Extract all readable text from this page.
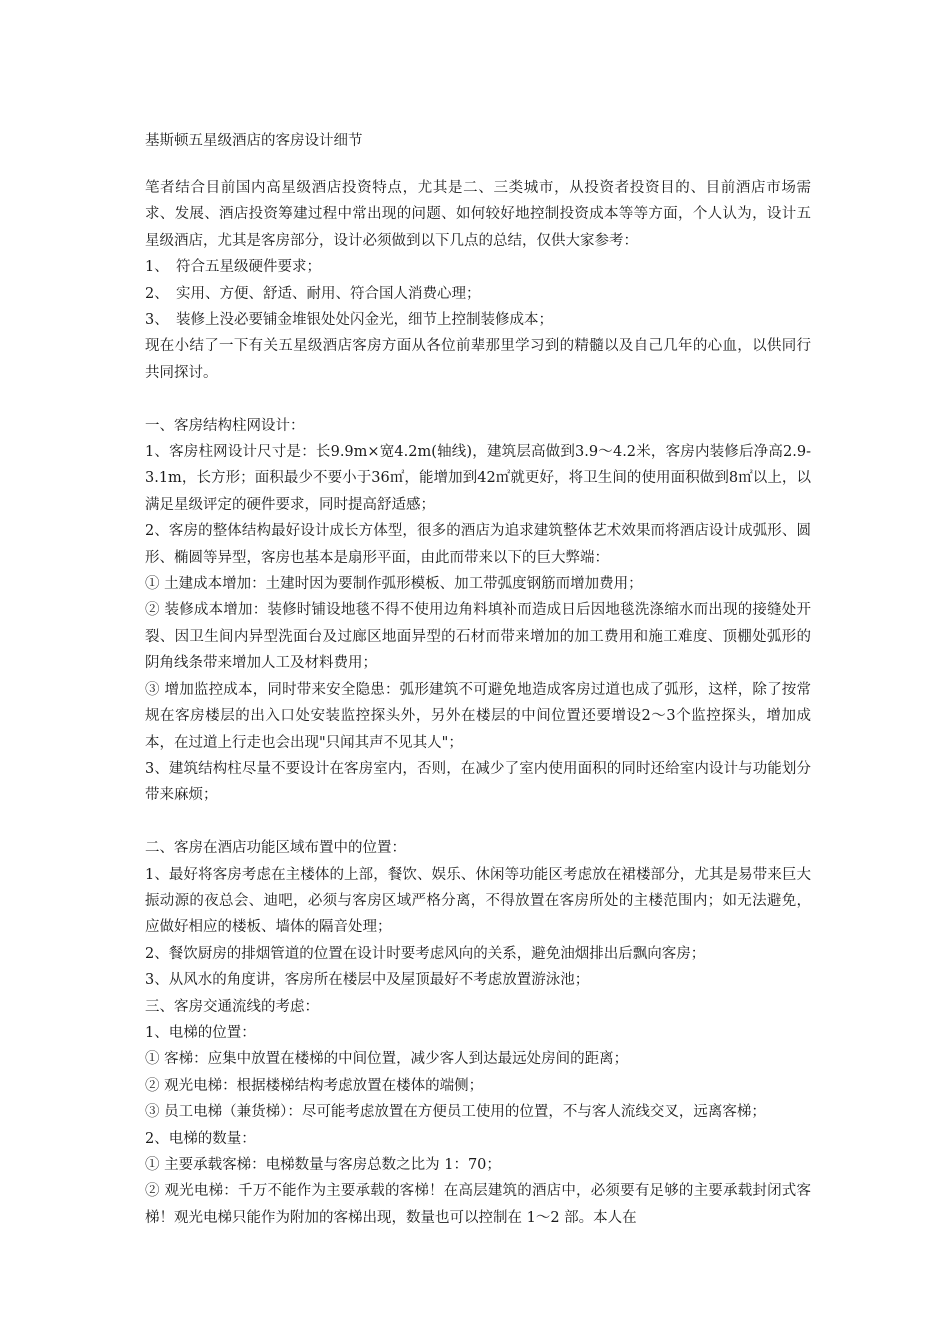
基斯顿五星级酒店的客房设计细节

笔者结合目前国内高星级酒店投资特点，尤其是二、三类城市，从投资者投资目的、目前酒店市场需求、发展、酒店投资筹建过程中常出现的问题、如何较好地控制投资成本等等方面，个人认为，设计五星级酒店，尤其是客房部分，设计必须做到以下几点的总结，仅供大家参考：

1、　符合五星级硬件要求；

2、　实用、方便、舒适、耐用、符合国人消费心理；

3、　装修上没必要铺金堆银处处闪金光，细节上控制装修成本；

现在小结了一下有关五星级酒店客房方面从各位前辈那里学习到的精髓以及自己几年的心血，以供同行共同探讨。

一、客房结构柱网设计：

1、客房柱网设计尺寸是：长9.9m×宽4.2m(轴线)，建筑层高做到3.9～4.2米，客房内装修后净高2.9-3.1m，长方形；面积最少不要小于36㎡，能增加到42㎡就更好，将卫生间的使用面积做到8㎡以上，以满足星级评定的硬件要求，同时提高舒适感；

2、客房的整体结构最好设计成长方体型，很多的酒店为追求建筑整体艺术效果而将酒店设计成弧形、圆形、椭圆等异型，客房也基本是扇形平面，由此而带来以下的巨大弊端：

① 土建成本增加：土建时因为要制作弧形模板、加工带弧度钢筋而增加费用；

② 装修成本增加：装修时铺设地毯不得不使用边角料填补而造成日后因地毯洗涤缩水而出现的接缝处开裂、因卫生间内异型洗面台及过廊区地面异型的石材而带来增加的加工费用和施工难度、顶棚处弧形的阴角线条带来增加人工及材料费用；

③ 增加监控成本，同时带来安全隐患：弧形建筑不可避免地造成客房过道也成了弧形，这样，除了按常规在客房楼层的出入口处安装监控探头外，另外在楼层的中间位置还要增设2～3个监控探头，增加成本，在过道上行走也会出现"只闻其声不见其人"；

3、建筑结构柱尽量不要设计在客房室内，否则，在减少了室内使用面积的同时还给室内设计与功能划分带来麻烦；

二、客房在酒店功能区域布置中的位置：

1、最好将客房考虑在主楼体的上部，餐饮、娱乐、休闲等功能区考虑放在裙楼部分，尤其是易带来巨大振动源的夜总会、迪吧，必须与客房区域严格分离，不得放置在客房所处的主楼范围内；如无法避免，应做好相应的楼板、墙体的隔音处理；

2、餐饮厨房的排烟管道的位置在设计时要考虑风向的关系，避免油烟排出后飘向客房；

3、从风水的角度讲，客房所在楼层中及屋顶最好不考虑放置游泳池；

三、客房交通流线的考虑：

1、电梯的位置：

① 客梯：应集中放置在楼梯的中间位置，减少客人到达最远处房间的距离；

② 观光电梯：根据楼梯结构考虑放置在楼体的端侧；

③ 员工电梯（兼货梯）：尽可能考虑放置在方便员工使用的位置，不与客人流线交叉，远离客梯；

2、电梯的数量：

① 主要承载客梯：电梯数量与客房总数之比为 1：70；

② 观光电梯：千万不能作为主要承载的客梯！在高层建筑的酒店中，必须要有足够的主要承载封闭式客梯！观光电梯只能作为附加的客梯出现，数量也可以控制在 1～2 部。本人在
